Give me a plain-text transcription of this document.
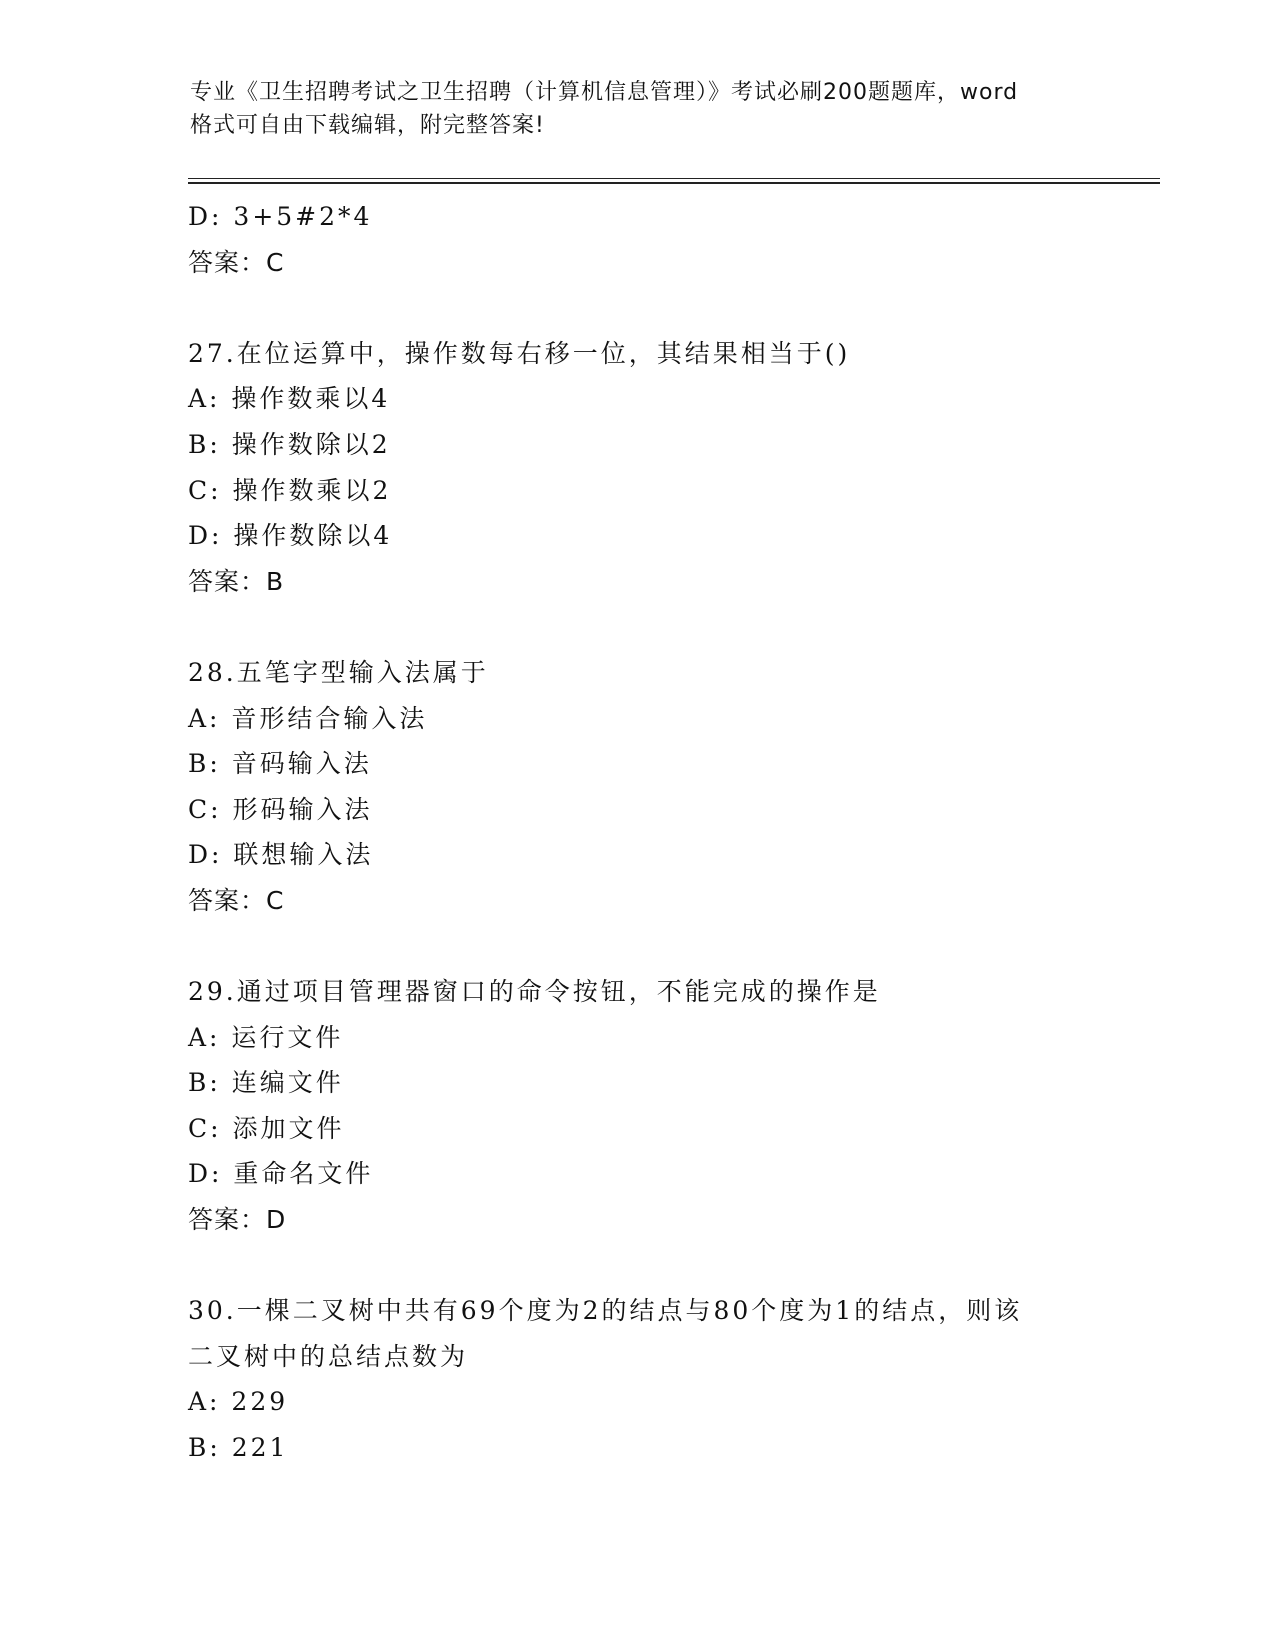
专业《卫生招聘考试之卫生招聘（计算机信息管理）》考试必刷200题题库，word
格式可自由下载编辑，附完整答案!
D: 3+5#2*4
答案：C
27.在位运算中，操作数每右移一位，其结果相当于()
A: 操作数乘以4
B: 操作数除以2
C: 操作数乘以2
D: 操作数除以4
答案：B
28.五笔字型输入法属于
A: 音形结合输入法
B: 音码输入法
C: 形码输入法
D: 联想输入法
答案：C
29.通过项目管理器窗口的命令按钮，不能完成的操作是
A: 运行文件
B: 连编文件
C: 添加文件
D: 重命名文件
答案：D
30.一棵二叉树中共有69个度为2的结点与80个度为1的结点，则该
二叉树中的总结点数为
A: 229
B: 221
